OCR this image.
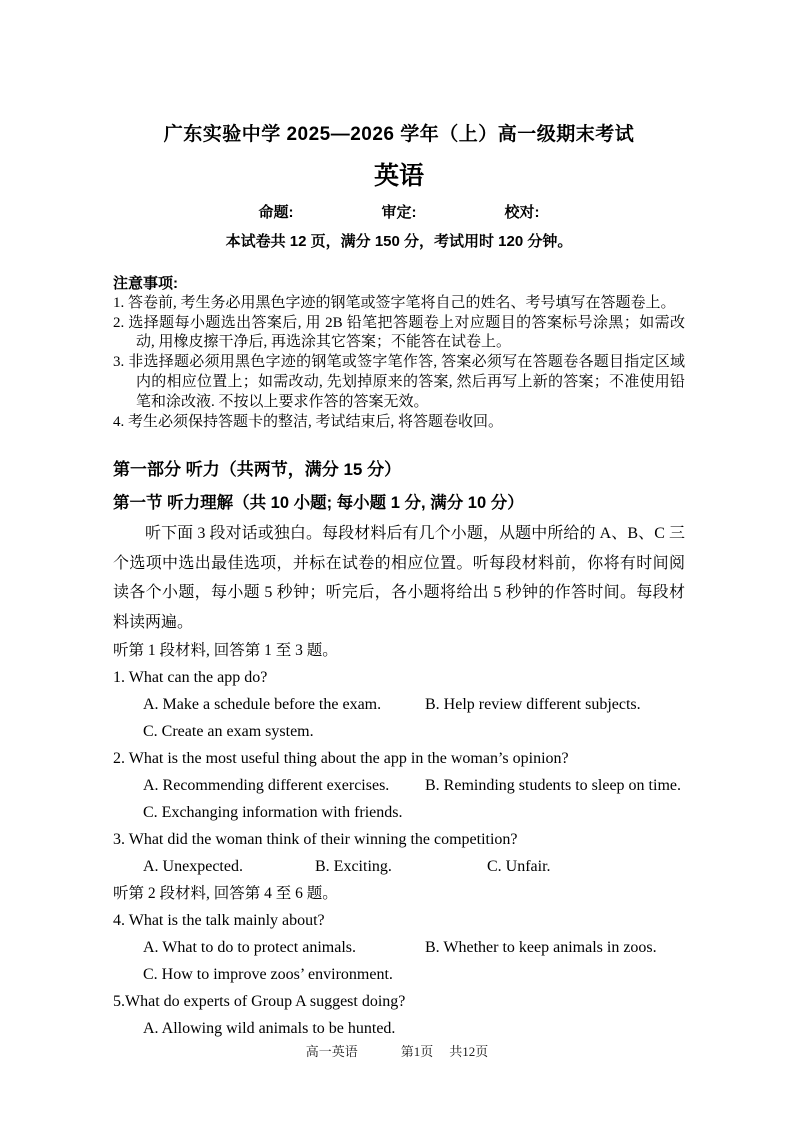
广东实验中学 2025—2026 学年（上）高一级期末考试
英语
命题:	审定:	校对:
本试卷共 12 页，满分 150 分，考试用时 120 分钟。
注意事项:
1. 答卷前, 考生务必用黑色字迹的钢笔或签字笔将自己的姓名、考号填写在答题卷上。
2. 选择题每小题选出答案后, 用 2B 铅笔把答题卷上对应题目的答案标号涂黑；如需改动, 用橡皮擦干净后, 再选涂其它答案；不能答在试卷上。
3. 非选择题必须用黑色字迹的钢笔或签字笔作答, 答案必须写在答题卷各题目指定区域内的相应位置上；如需改动, 先划掉原来的答案, 然后再写上新的答案；不准使用铅笔和涂改液. 不按以上要求作答的答案无效。
4. 考生必须保持答题卡的整洁, 考试结束后, 将答题卷收回。
第一部分 听力（共两节，满分 15 分）
第一节 听力理解（共 10 小题; 每小题 1 分, 满分 10 分）
听下面 3 段对话或独白。每段材料后有几个小题，从题中所给的 A、B、C 三个选项中选出最佳选项，并标在试卷的相应位置。听每段材料前，你将有时间阅读各个小题，每小题 5 秒钟；听完后，各小题将给出 5 秒钟的作答时间。每段材料读两遍。
听第 1 段材料, 回答第 1 至 3 题。
1. What can the app do?
A. Make a schedule before the exam.	B. Help review different subjects.
C. Create an exam system.
2. What is the most useful thing about the app in the woman’s opinion?
A. Recommending different exercises.	B. Reminding students to sleep on time.
C. Exchanging information with friends.
3. What did the woman think of their winning the competition?
A. Unexpected.	B. Exciting.	C. Unfair.
听第 2 段材料, 回答第 4 至 6 题。
4. What is the talk mainly about?
A. What to do to protect animals.	B. Whether to keep animals in zoos.
C. How to improve zoos’ environment.
5.What do experts of Group A suggest doing?
A. Allowing wild animals to be hunted.
高一英语	第1页 共12页
